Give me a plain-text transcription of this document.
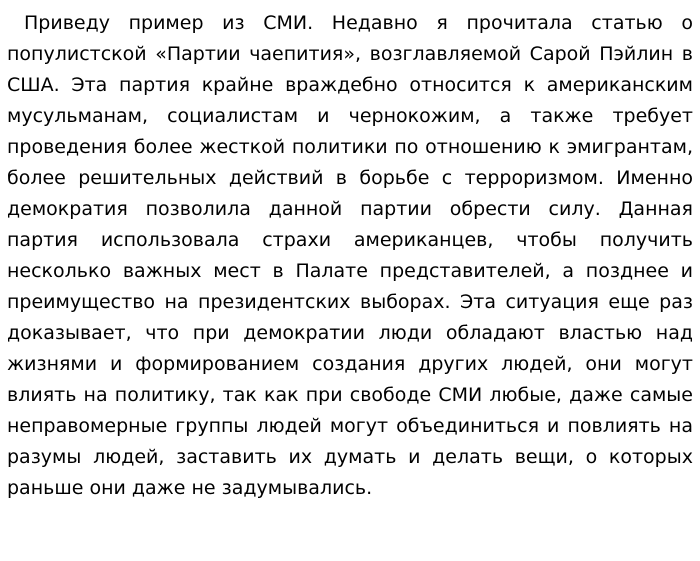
Приведу пример из СМИ. Недавно я прочитала статью о популистской «Партии чаепития», возглавляемой Сарой Пэйлин в США. Эта партия крайне враждебно относится к американским мусульманам, социалистам и чернокожим, а также требует проведения более жесткой политики по отношению к эмигрантам, более решительных действий в борьбе с терроризмом. Именно демократия позволила данной партии обрести силу. Данная партия использовала страхи американцев, чтобы получить несколько важных мест в Палате представителей, а позднее и преимущество на президентских выборах. Эта ситуация еще раз доказывает, что при демократии люди обладают властью над жизнями и формированием создания других людей, они могут влиять на политику, так как при свободе СМИ любые, даже самые неправомерные группы людей могут объединиться и повлиять на разумы людей, заставить их думать и делать вещи, о которых раньше они даже не задумывались.
